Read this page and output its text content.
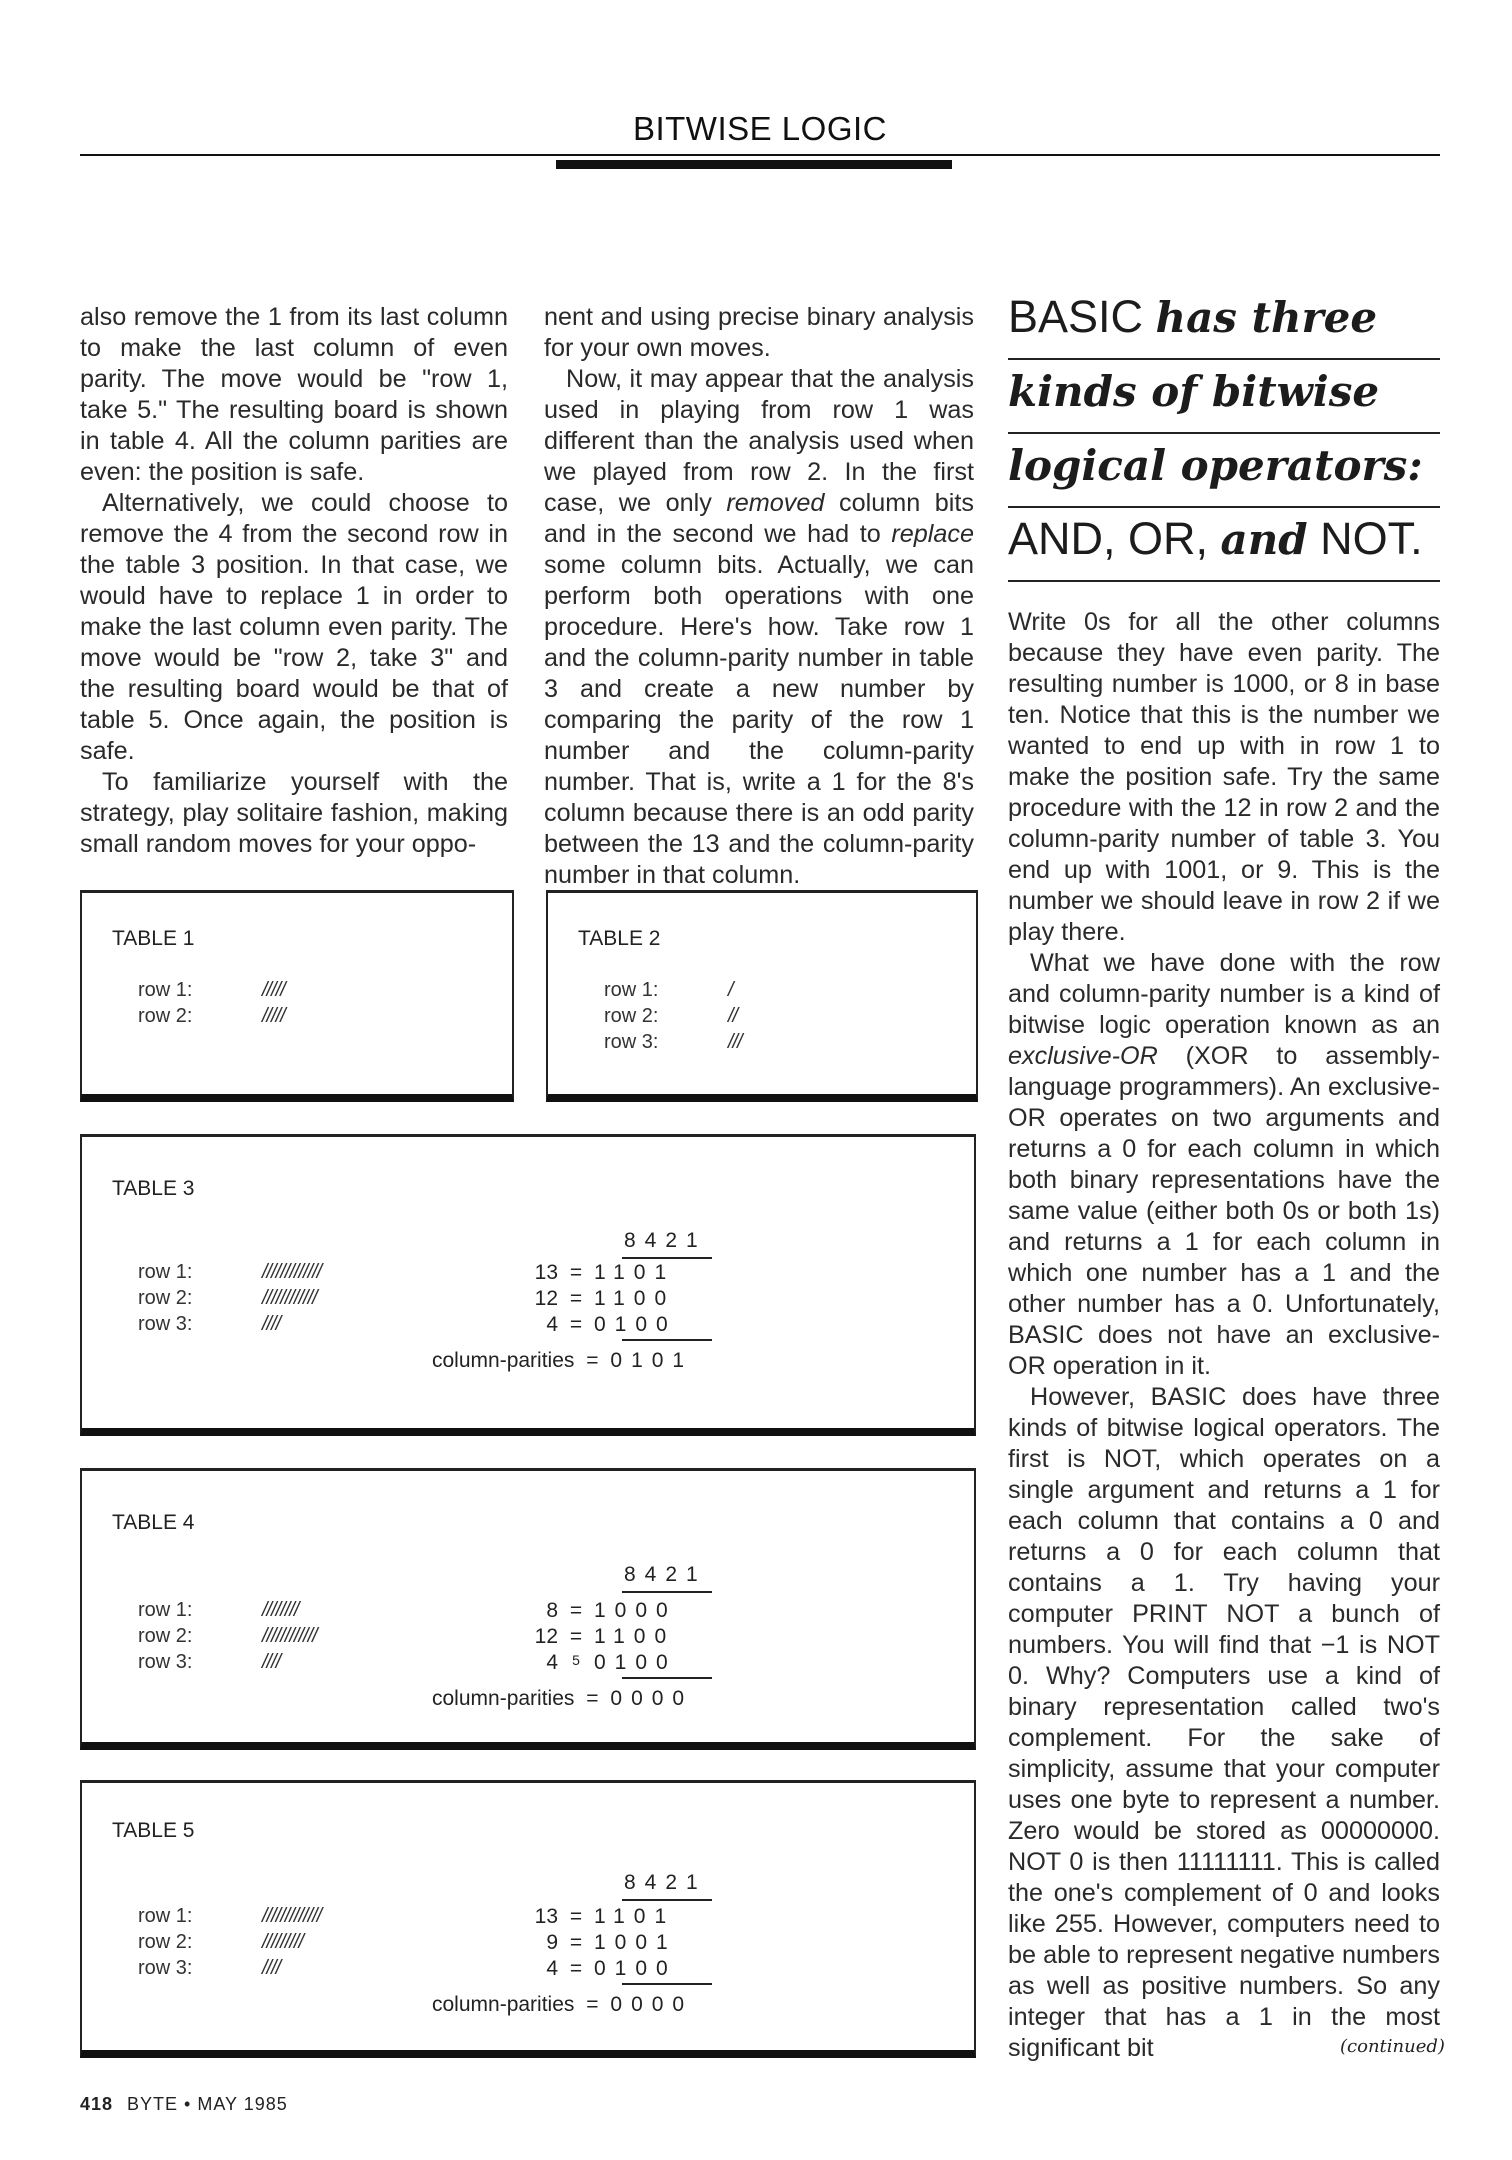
BITWISE LOGIC

also remove the 1 from its last column to make the last column of even parity. The move would be "row 1, take 5." The resulting board is shown in table 4. All the column parities are even: the position is safe.

Alternatively, we could choose to remove the 4 from the second row in the table 3 position. In that case, we would have to replace 1 in order to make the last column even parity. The move would be "row 2, take 3" and the resulting board would be that of table 5. Once again, the position is safe.

To familiarize yourself with the strategy, play solitaire fashion, making small random moves for your oppo-

nent and using precise binary analysis for your own moves.

Now, it may appear that the analysis used in playing from row 1 was different than the analysis used when we played from row 2. In the first case, we only removed column bits and in the second we had to replace some column bits. Actually, we can perform both operations with one procedure. Here's how. Take row 1 and the column-parity number in table 3 and create a new number by comparing the parity of the row 1 number and the column-parity number. That is, write a 1 for the 8's column because there is an odd parity between the 13 and the column-parity number in that column.

BASIC has three
kinds of bitwise
logical operators:
AND, OR, and NOT.

Write 0s for all the other columns because they have even parity. The resulting number is 1000, or 8 in base ten. Notice that this is the number we wanted to end up with in row 1 to make the position safe. Try the same procedure with the 12 in row 2 and the column-parity number of table 3. You end up with 1001, or 9. This is the number we should leave in row 2 if we play there.

What we have done with the row and column-parity number is a kind of bitwise logic operation known as an exclusive-OR (XOR to assembly-language programmers). An exclusive-OR operates on two arguments and returns a 0 for each column in which both binary representations have the same value (either both 0s or both 1s) and returns a 1 for each column in which one number has a 1 and the other number has a 0. Unfortunately, BASIC does not have an exclusive-OR operation in it.

However, BASIC does have three kinds of bitwise logical operators. The first is NOT, which operates on a single argument and returns a 1 for each column that contains a 0 and returns a 0 for each column that contains a 1. Try having your computer PRINT NOT a bunch of numbers. You will find that −1 is NOT 0. Why? Computers use a kind of binary representation called two's complement. For the sake of simplicity, assume that your computer uses one byte to represent a number. Zero would be stored as 00000000. NOT 0 is then 11111111. This is called the one's complement of 0 and looks like 255. However, computers need to be able to represent negative numbers as well as positive numbers. So any integer that has a 1 in the most significant bit	(continued)
TABLE 1
row 1:	/////
row 2:	/////
TABLE 2
row 1:	/
row 2:	//
row 3:	///
TABLE 3
8421
row 1:	/////////////	13 = 1101
row 2:	////////////	12 = 1100
row 3:	////	4 = 0100
column-parities = 0101
TABLE 4
8421
row 1:	////////	8 = 1000
row 2:	////////////	12 = 1100
row 3:	////	4 5 0100
column-parities = 0000
TABLE 5
8421
row 1:	/////////////	13 = 1101
row 2:	/////////	9 = 1001
row 3:	////	4 = 0100
column-parities = 0000
418 BYTE • MAY 1985
